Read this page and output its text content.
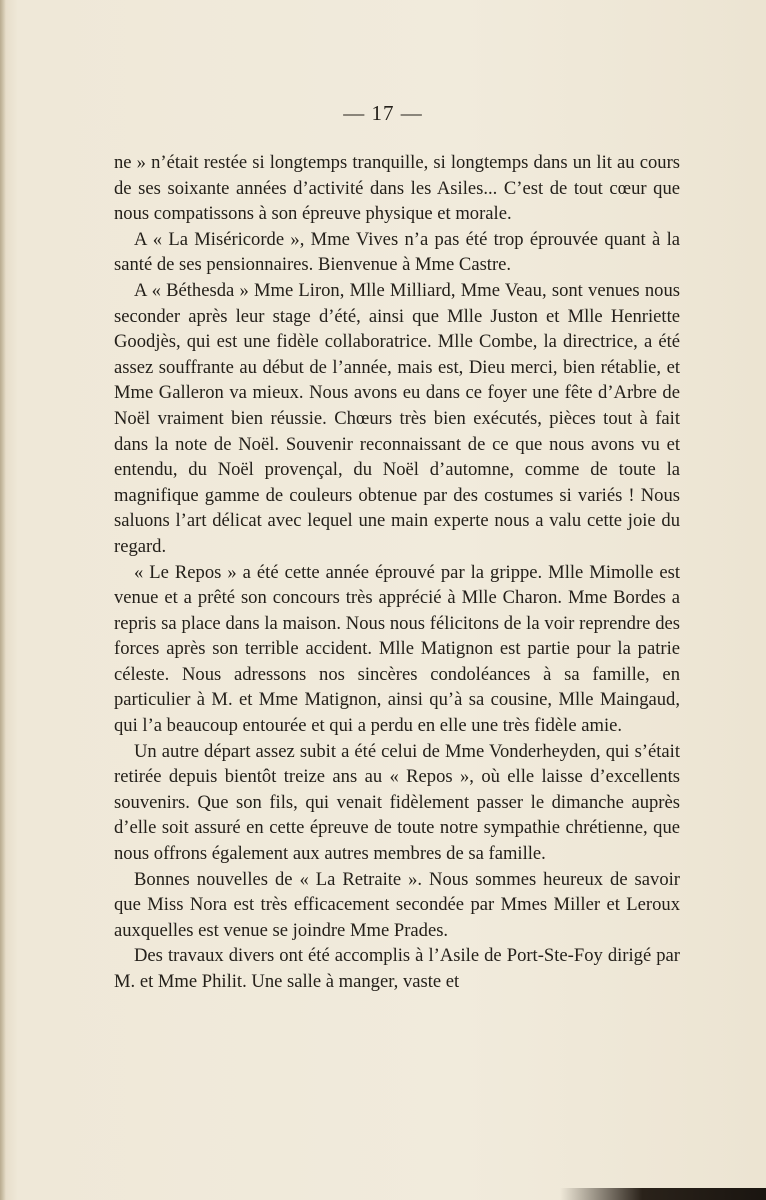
— 17 —

ne » n’était restée si longtemps tranquille, si longtemps dans un lit au cours de ses soixante années d’activité dans les Asiles... C’est de tout cœur que nous compatissons à son épreuve physique et morale.

A « La Miséricorde », Mme Vives n’a pas été trop éprouvée quant à la santé de ses pensionnaires. Bienvenue à Mme Castre.

A « Béthesda » Mme Liron, Mlle Milliard, Mme Veau, sont venues nous seconder après leur stage d’été, ainsi que Mlle Juston et Mlle Henriette Goodjès, qui est une fidèle collaboratrice. Mlle Combe, la directrice, a été assez souffrante au début de l’année, mais est, Dieu merci, bien rétablie, et Mme Galleron va mieux. Nous avons eu dans ce foyer une fête d’Arbre de Noël vraiment bien réussie. Chœurs très bien exécutés, pièces tout à fait dans la note de Noël. Souvenir reconnaissant de ce que nous avons vu et entendu, du Noël provençal, du Noël d’automne, comme de toute la magnifique gamme de couleurs obtenue par des costumes si variés ! Nous saluons l’art délicat avec lequel une main experte nous a valu cette joie du regard.

« Le Repos » a été cette année éprouvé par la grippe. Mlle Mimolle est venue et a prêté son concours très apprécié à Mlle Charon. Mme Bordes a repris sa place dans la maison. Nous nous félicitons de la voir reprendre des forces après son terrible accident. Mlle Matignon est partie pour la patrie céleste. Nous adressons nos sincères condoléances à sa famille, en particulier à M. et Mme Matignon, ainsi qu’à sa cousine, Mlle Maingaud, qui l’a beaucoup entourée et qui a perdu en elle une très fidèle amie.

Un autre départ assez subit a été celui de Mme Vonderheyden, qui s’était retirée depuis bientôt treize ans au « Repos », où elle laisse d’excellents souvenirs. Que son fils, qui venait fidèlement passer le dimanche auprès d’elle soit assuré en cette épreuve de toute notre sympathie chrétienne, que nous offrons également aux autres membres de sa famille.

Bonnes nouvelles de « La Retraite ». Nous sommes heureux de savoir que Miss Nora est très efficacement secondée par Mmes Miller et Leroux auxquelles est venue se joindre Mme Prades.

Des travaux divers ont été accomplis à l’Asile de Port-Ste-Foy dirigé par M. et Mme Philit. Une salle à manger, vaste et
